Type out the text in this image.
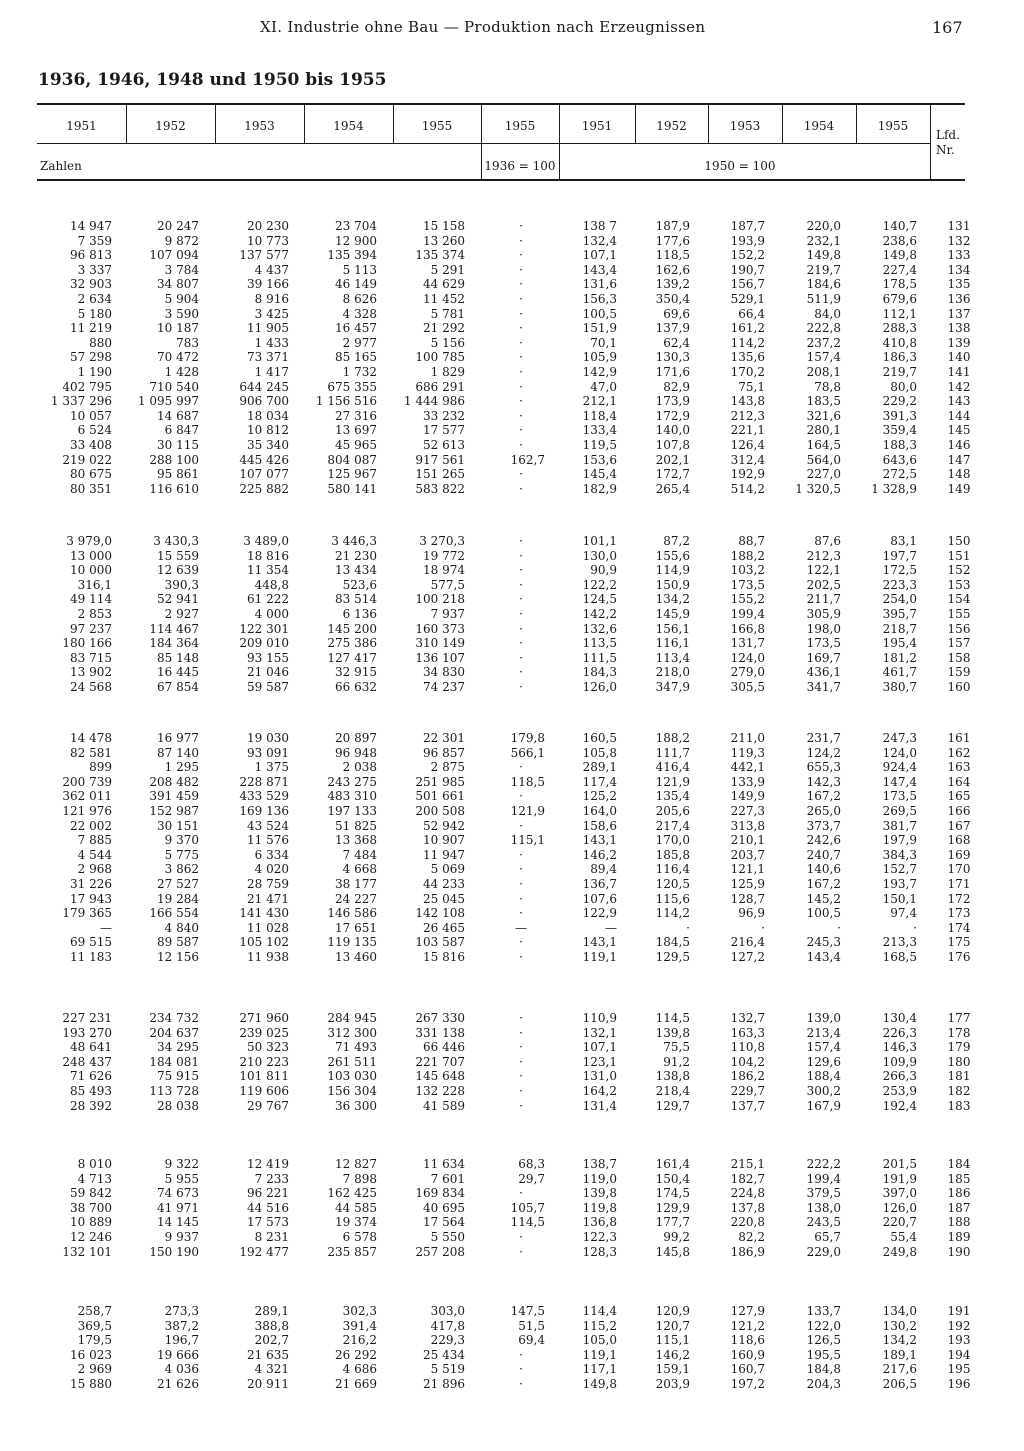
XI. Industrie ohne Bau — Produktion nach Erzeugnissen	167
1936, 1946, 1948 und 1950 bis 1955
1951	1952	1953	1954	1955	1955	1951	1952	1953	1954	1955
Lfd. Nr.
Zahlen	1936 = 100	1950 = 100
14 947	20 247	20 230	23 704	15 158	·	138 7	187,9	187,7	220,0	140,7	131
7 359	9 872	10 773	12 900	13 260	·	132,4	177,6	193,9	232,1	238,6	132
96 813	107 094	137 577	135 394	135 374	·	107,1	118,5	152,2	149,8	149,8	133
3 337	3 784	4 437	5 113	5 291	·	143,4	162,6	190,7	219,7	227,4	134
32 903	34 807	39 166	46 149	44 629	·	131,6	139,2	156,7	184,6	178,5	135
2 634	5 904	8 916	8 626	11 452	·	156,3	350,4	529,1	511,9	679,6	136
5 180	3 590	3 425	4 328	5 781	·	100,5	69,6	66,4	84,0	112,1	137
11 219	10 187	11 905	16 457	21 292	·	151,9	137,9	161,2	222,8	288,3	138
880	783	1 433	2 977	5 156	·	70,1	62,4	114,2	237,2	410,8	139
57 298	70 472	73 371	85 165	100 785	·	105,9	130,3	135,6	157,4	186,3	140
1 190	1 428	1 417	1 732	1 829	·	142,9	171,6	170,2	208,1	219,7	141
402 795	710 540	644 245	675 355	686 291	·	47,0	82,9	75,1	78,8	80,0	142
1 337 296	1 095 997	906 700	1 156 516	1 444 986	·	212,1	173,9	143,8	183,5	229,2	143
10 057	14 687	18 034	27 316	33 232	·	118,4	172,9	212,3	321,6	391,3	144
6 524	6 847	10 812	13 697	17 577	·	133,4	140,0	221,1	280,1	359,4	145
33 408	30 115	35 340	45 965	52 613	·	119,5	107,8	126,4	164,5	188,3	146
219 022	288 100	445 426	804 087	917 561	162,7	153,6	202,1	312,4	564,0	643,6	147
80 675	95 861	107 077	125 967	151 265	·	145,4	172,7	192,9	227,0	272,5	148
80 351	116 610	225 882	580 141	583 822	·	182,9	265,4	514,2	1 320,5	1 328,9	149
3 979,0	3 430,3	3 489,0	3 446,3	3 270,3	·	101,1	87,2	88,7	87,6	83,1	150
13 000	15 559	18 816	21 230	19 772	·	130,0	155,6	188,2	212,3	197,7	151
10 000	12 639	11 354	13 434	18 974	·	90,9	114,9	103,2	122,1	172,5	152
316,1	390,3	448,8	523,6	577,5	·	122,2	150,9	173,5	202,5	223,3	153
49 114	52 941	61 222	83 514	100 218	·	124,5	134,2	155,2	211,7	254,0	154
2 853	2 927	4 000	6 136	7 937	·	142,2	145,9	199,4	305,9	395,7	155
97 237	114 467	122 301	145 200	160 373	·	132,6	156,1	166,8	198,0	218,7	156
180 166	184 364	209 010	275 386	310 149	·	113,5	116,1	131,7	173,5	195,4	157
83 715	85 148	93 155	127 417	136 107	·	111,5	113,4	124,0	169,7	181,2	158
13 902	16 445	21 046	32 915	34 830	·	184,3	218,0	279,0	436,1	461,7	159
24 568	67 854	59 587	66 632	74 237	·	126,0	347,9	305,5	341,7	380,7	160
14 478	16 977	19 030	20 897	22 301	179,8	160,5	188,2	211,0	231,7	247,3	161
82 581	87 140	93 091	96 948	96 857	566,1	105,8	111,7	119,3	124,2	124,0	162
899	1 295	1 375	2 038	2 875	·	289,1	416,4	442,1	655,3	924,4	163
200 739	208 482	228 871	243 275	251 985	118,5	117,4	121,9	133,9	142,3	147,4	164
362 011	391 459	433 529	483 310	501 661	·	125,2	135,4	149,9	167,2	173,5	165
121 976	152 987	169 136	197 133	200 508	121,9	164,0	205,6	227,3	265,0	269,5	166
22 002	30 151	43 524	51 825	52 942	·	158,6	217,4	313,8	373,7	381,7	167
7 885	9 370	11 576	13 368	10 907	115,1	143,1	170,0	210,1	242,6	197,9	168
4 544	5 775	6 334	7 484	11 947	·	146,2	185,8	203,7	240,7	384,3	169
2 968	3 862	4 020	4 668	5 069	·	89,4	116,4	121,1	140,6	152,7	170
31 226	27 527	28 759	38 177	44 233	·	136,7	120,5	125,9	167,2	193,7	171
17 943	19 284	21 471	24 227	25 045	·	107,6	115,6	128,7	145,2	150,1	172
179 365	166 554	141 430	146 586	142 108	·	122,9	114,2	96,9	100,5	97,4	173
—	4 840	11 028	17 651	26 465	—	—	·	·	·	·	174
69 515	89 587	105 102	119 135	103 587	·	143,1	184,5	216,4	245,3	213,3	175
11 183	12 156	11 938	13 460	15 816	·	119,1	129,5	127,2	143,4	168,5	176
227 231	234 732	271 960	284 945	267 330	·	110,9	114,5	132,7	139,0	130,4	177
193 270	204 637	239 025	312 300	331 138	·	132,1	139,8	163,3	213,4	226,3	178
48 641	34 295	50 323	71 493	66 446	·	107,1	75,5	110,8	157,4	146,3	179
248 437	184 081	210 223	261 511	221 707	·	123,1	91,2	104,2	129,6	109,9	180
71 626	75 915	101 811	103 030	145 648	·	131,0	138,8	186,2	188,4	266,3	181
85 493	113 728	119 606	156 304	132 228	·	164,2	218,4	229,7	300,2	253,9	182
28 392	28 038	29 767	36 300	41 589	·	131,4	129,7	137,7	167,9	192,4	183
8 010	9 322	12 419	12 827	11 634	68,3	138,7	161,4	215,1	222,2	201,5	184
4 713	5 955	7 233	7 898	7 601	29,7	119,0	150,4	182,7	199,4	191,9	185
59 842	74 673	96 221	162 425	169 834	·	139,8	174,5	224,8	379,5	397,0	186
38 700	41 971	44 516	44 585	40 695	105,7	119,8	129,9	137,8	138,0	126,0	187
10 889	14 145	17 573	19 374	17 564	114,5	136,8	177,7	220,8	243,5	220,7	188
12 246	9 937	8 231	6 578	5 550	·	122,3	99,2	82,2	65,7	55,4	189
132 101	150 190	192 477	235 857	257 208	·	128,3	145,8	186,9	229,0	249,8	190
258,7	273,3	289,1	302,3	303,0	147,5	114,4	120,9	127,9	133,7	134,0	191
369,5	387,2	388,8	391,4	417,8	51,5	115,2	120,7	121,2	122,0	130,2	192
179,5	196,7	202,7	216,2	229,3	69,4	105,0	115,1	118,6	126,5	134,2	193
16 023	19 666	21 635	26 292	25 434	·	119,1	146,2	160,9	195,5	189,1	194
2 969	4 036	4 321	4 686	5 519	·	117,1	159,1	160,7	184,8	217,6	195
15 880	21 626	20 911	21 669	21 896	·	149,8	203,9	197,2	204,3	206,5	196
